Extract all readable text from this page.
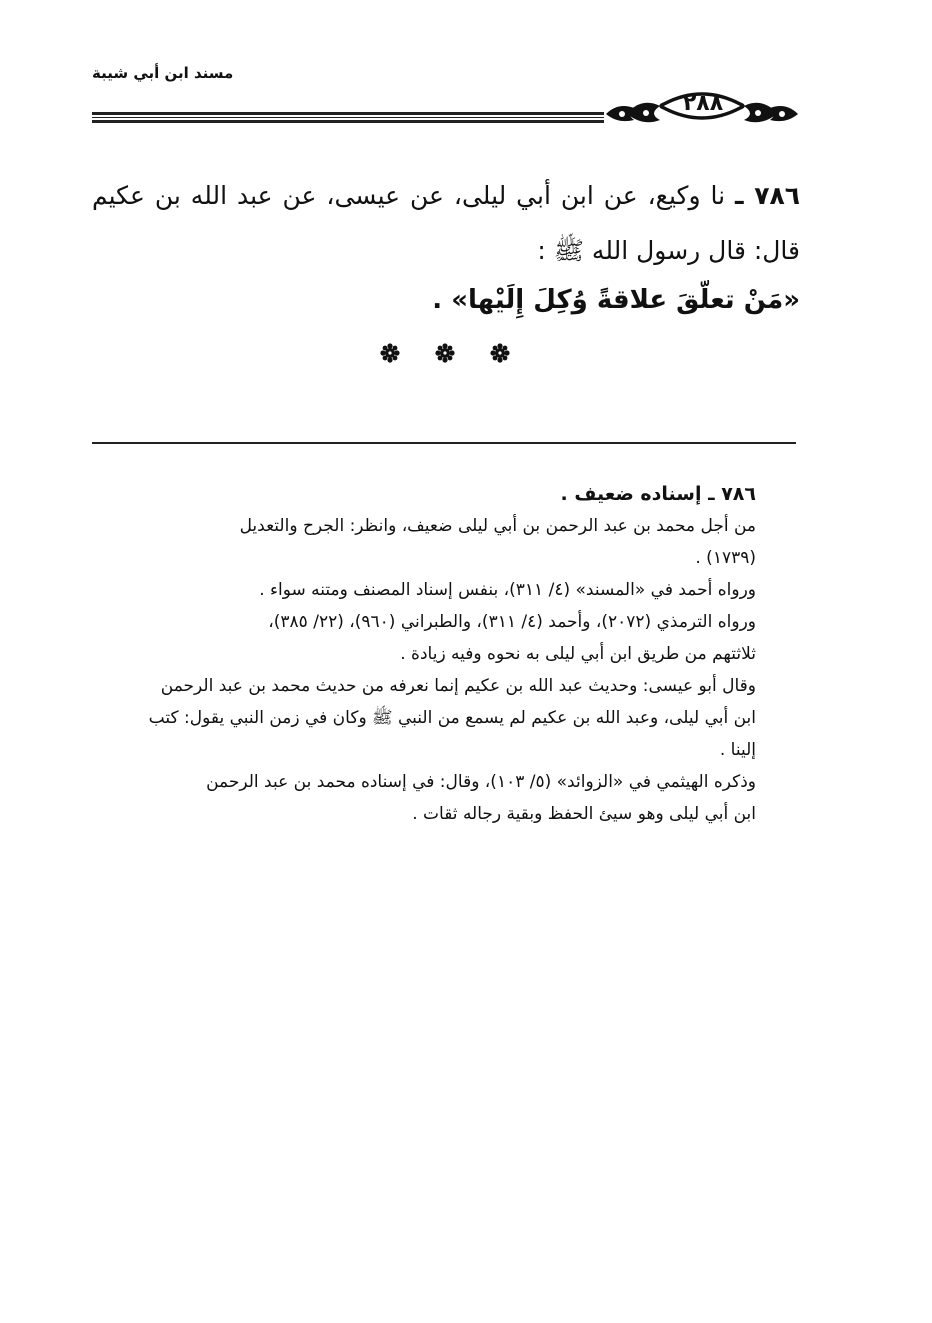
مسند ابن أبي شيبة
٢٨٨

٧٨٦ ـ نا وكيع، عن ابن أبي ليلى، عن عيسى، عن عبد الله بن عكيم قال: قال رسول الله ﷺ :

«مَنْ تعلّقَ علاقةً وُكِلَ إِلَيْها» .

٧٨٦ ـ إسناده ضعيف .

من أجل محمد بن عبد الرحمن بن أبي ليلى ضعيف، وانظر: الجرح والتعديل

(١٧٣٩) .

ورواه أحمد في «المسند» (٤/ ٣١١)، بنفس إسناد المصنف ومتنه سواء .

ورواه الترمذي (٢٠٧٢)، وأحمد (٤/ ٣١١)، والطبراني (٩٦٠)، (٢٢/ ٣٨٥)،

ثلاثتهم من طريق ابن أبي ليلى به نحوه وفيه زيادة .

وقال أبو عيسى: وحديث عبد الله بن عكيم إنما نعرفه من حديث محمد بن عبد الرحمن

ابن أبي ليلى، وعبد الله بن عكيم لم يسمع من النبي ﷺ وكان في زمن النبي يقول: كتب

إلينا .

وذكره الهيثمي في «الزوائد» (٥/ ١٠٣)، وقال: في إسناده محمد بن عبد الرحمن

ابن أبي ليلى وهو سيئ الحفظ وبقية رجاله ثقات .
